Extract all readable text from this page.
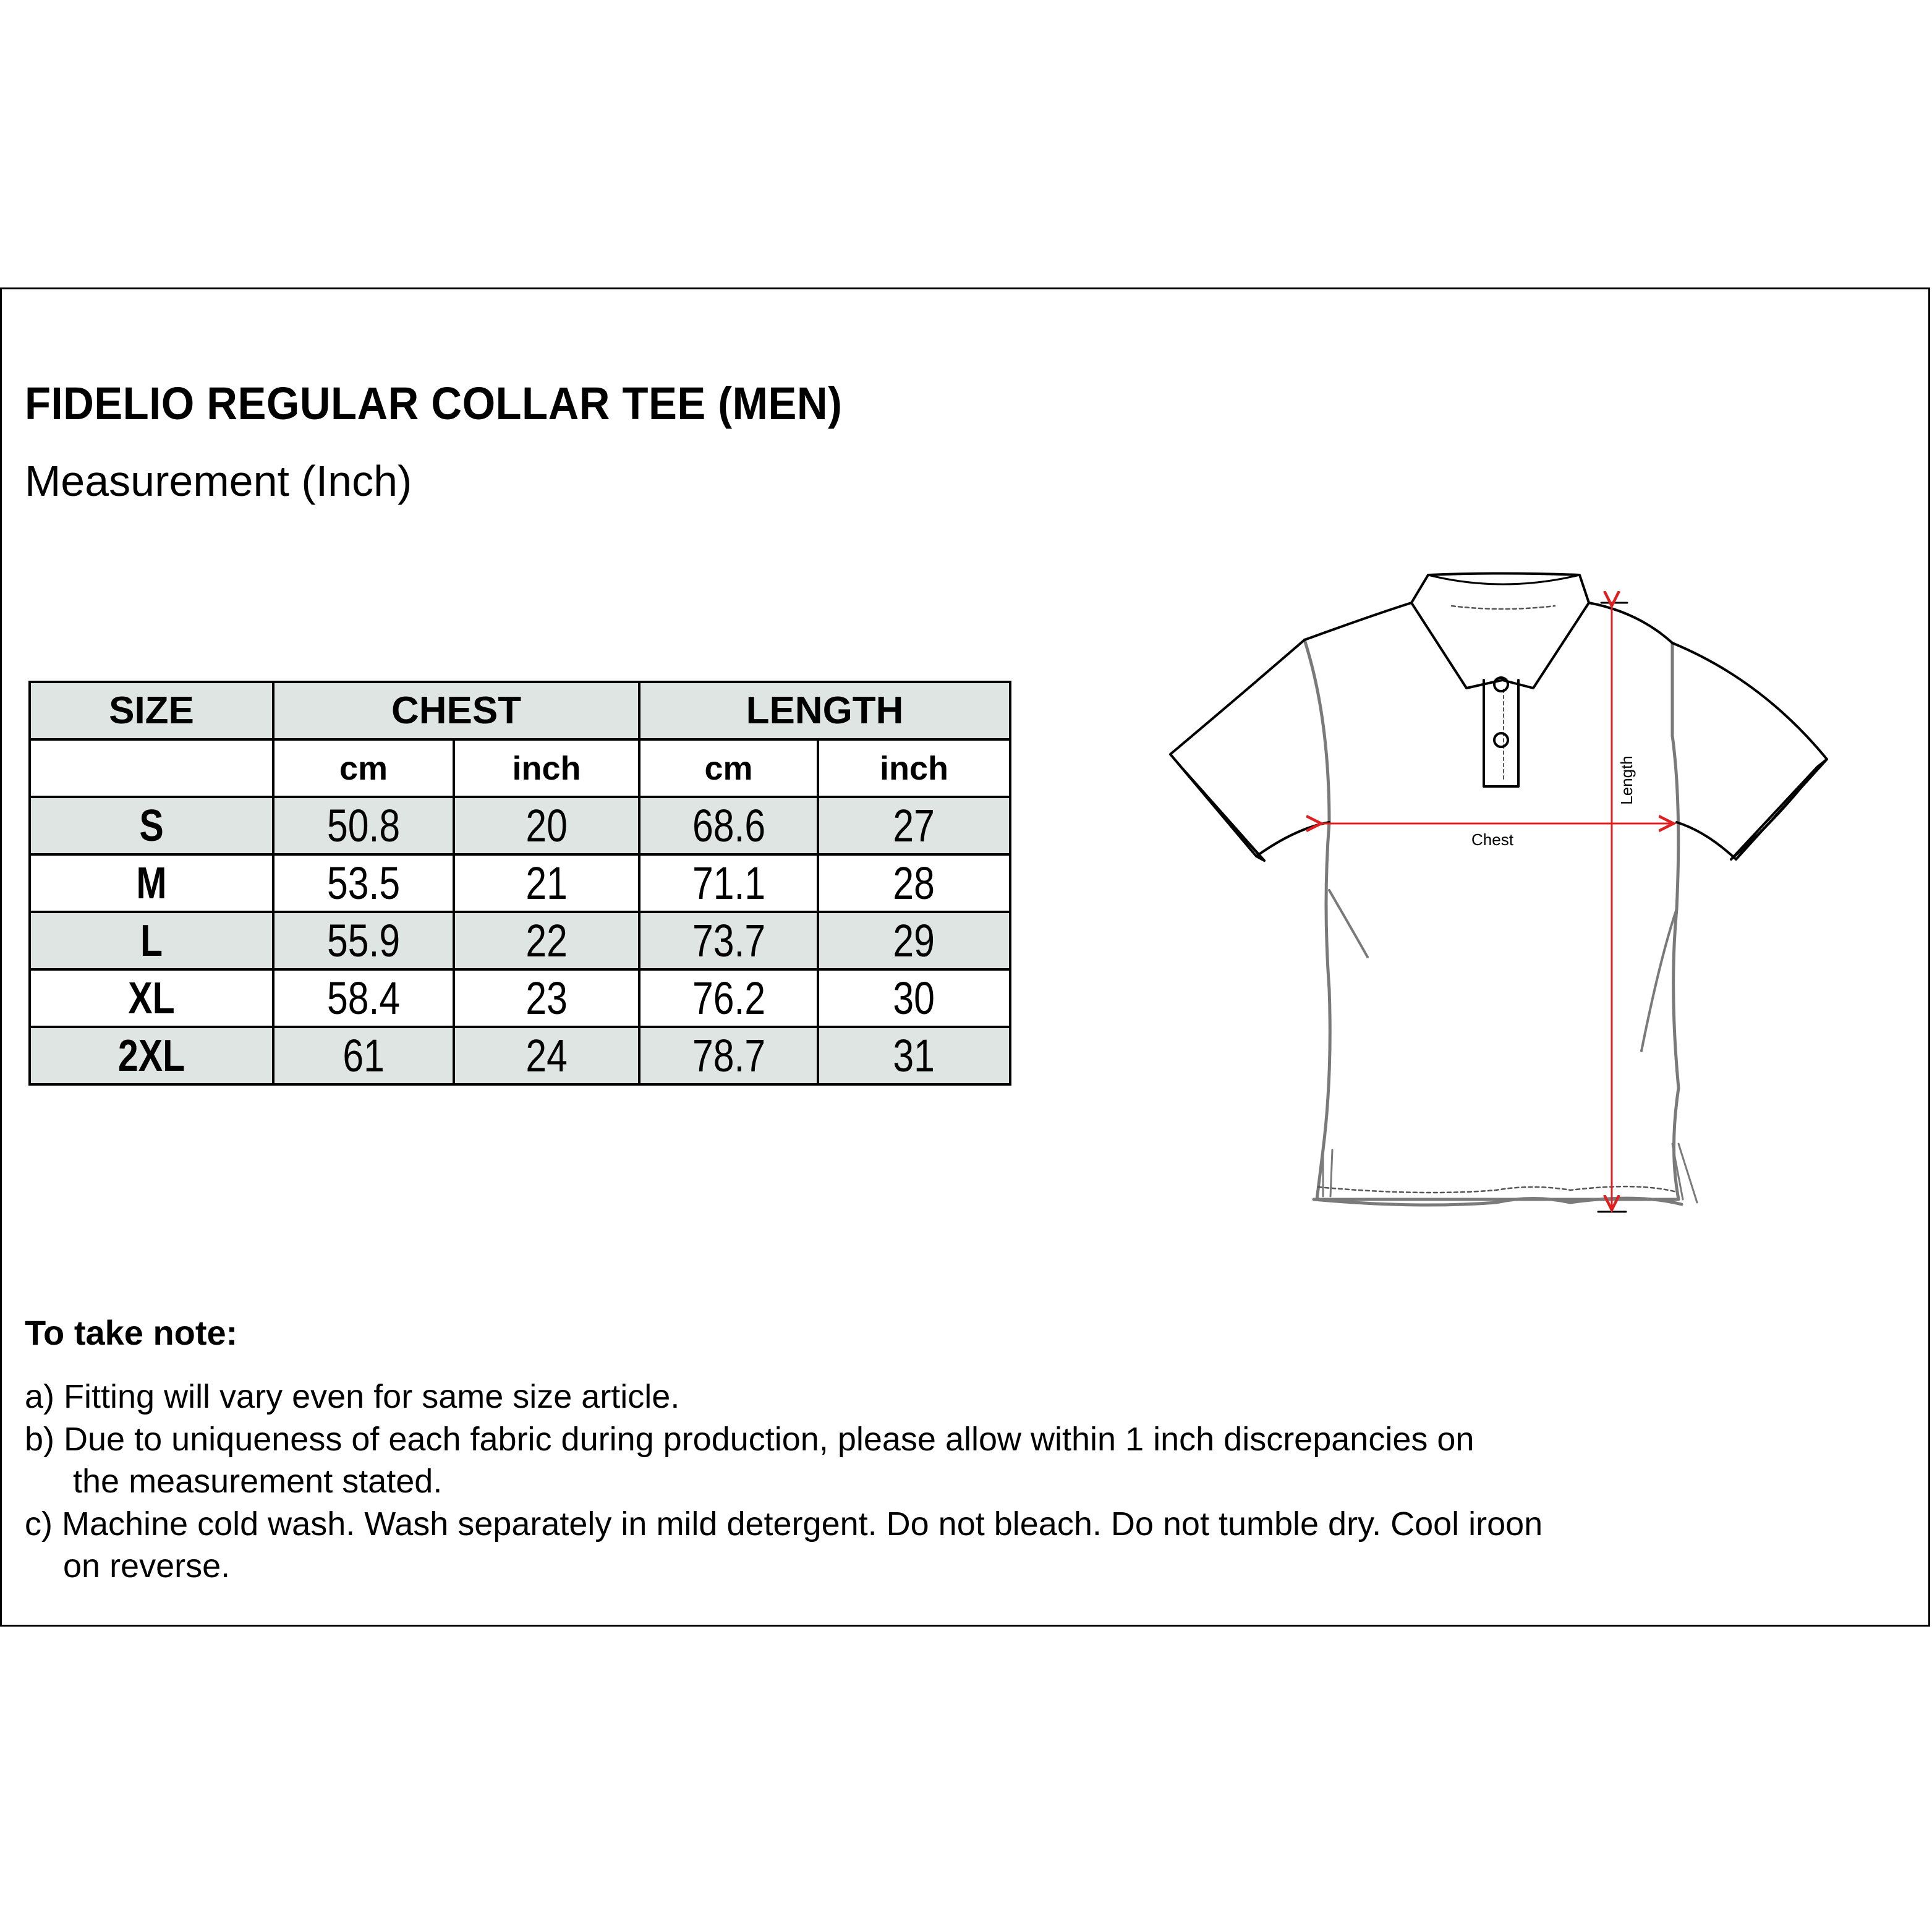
FIDELIO REGULAR COLLAR TEE (MEN)
Measurement (Inch)
SIZE	CHEST		LENGTH	
	cm	inch	cm	inch
S	50.8	20	68.6	27
M	53.5	21	71.1	28
L	55.9	22	73.7	29
XL	58.4	23	76.2	30
2XL	61	24	78.7	31
Chest
Length
To take note:
a) Fitting will vary even for same size article.
b) Due to uniqueness of each fabric during production, please allow within 1 inch discrepancies on
the measurement stated.
c) Machine cold wash. Wash separately in mild detergent. Do not bleach. Do not tumble dry. Cool iroon
on reverse.
